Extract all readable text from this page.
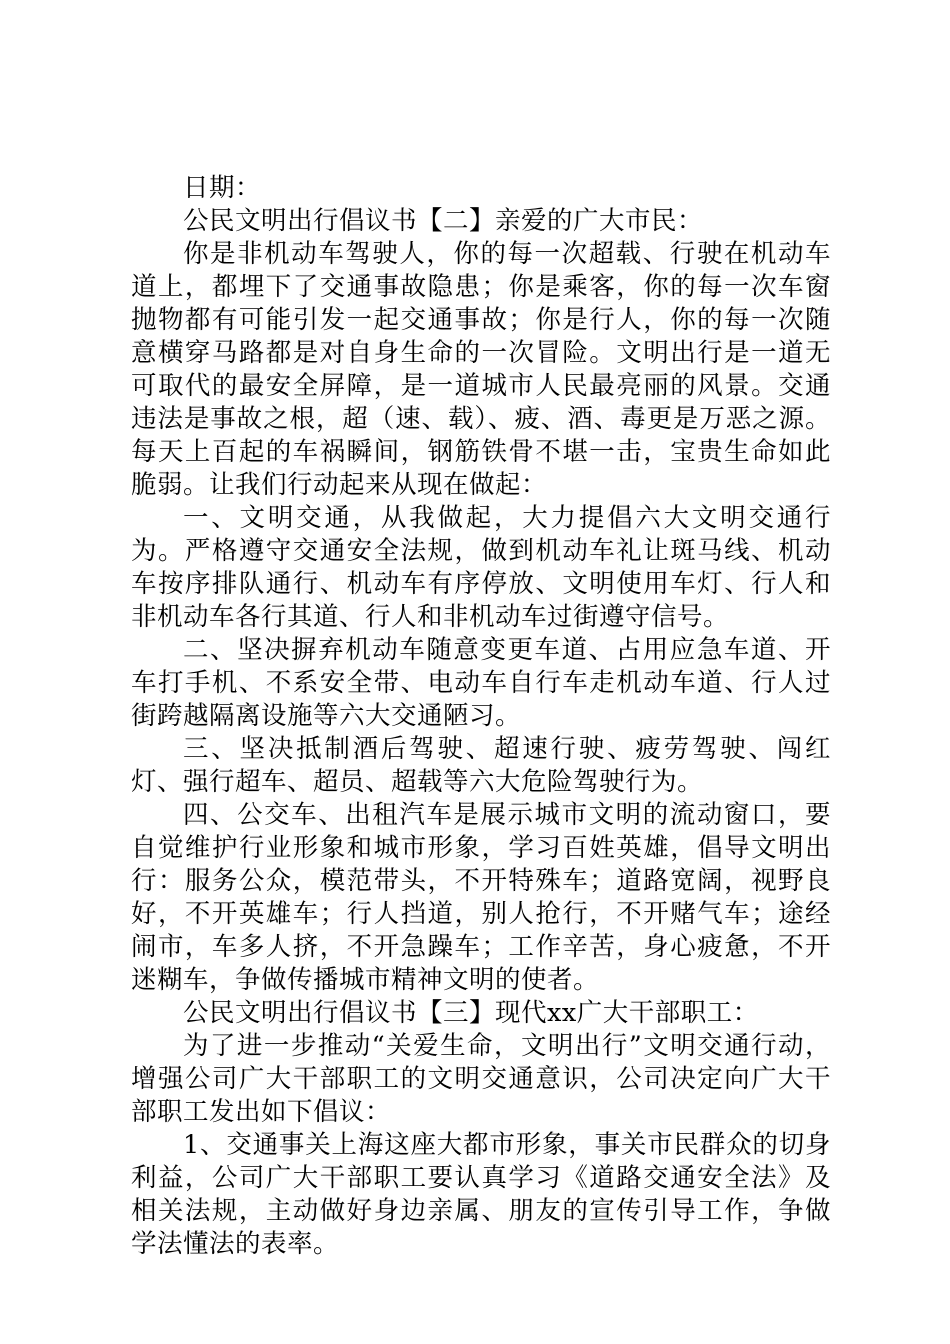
日期：

公民文明出行倡议书【二】亲爱的广大市民：

你是非机动车驾驶人，你的每一次超载、行驶在机动车道上，都埋下了交通事故隐患；你是乘客，你的每一次车窗抛物都有可能引发一起交通事故；你是行人，你的每一次随意横穿马路都是对自身生命的一次冒险。文明出行是一道无可取代的最安全屏障，是一道城市人民最亮丽的风景。交通违法是事故之根，超（速、载）、疲、酒、毒更是万恶之源。每天上百起的车祸瞬间，钢筋铁骨不堪一击，宝贵生命如此脆弱。让我们行动起来从现在做起：

一、文明交通，从我做起，大力提倡六大文明交通行为。严格遵守交通安全法规，做到机动车礼让斑马线、机动车按序排队通行、机动车有序停放、文明使用车灯、行人和非机动车各行其道、行人和非机动车过街遵守信号。

二、坚决摒弃机动车随意变更车道、占用应急车道、开车打手机、不系安全带、电动车自行车走机动车道、行人过街跨越隔离设施等六大交通陋习。

三、坚决抵制酒后驾驶、超速行驶、疲劳驾驶、闯红灯、强行超车、超员、超载等六大危险驾驶行为。

四、公交车、出租汽车是展示城市文明的流动窗口，要自觉维护行业形象和城市形象，学习百姓英雄，倡导文明出行：服务公众，模范带头，不开特殊车；道路宽阔，视野良好，不开英雄车；行人挡道，别人抢行，不开赌气车；途经闹市，车多人挤，不开急躁车；工作辛苦，身心疲惫，不开迷糊车，争做传播城市精神文明的使者。

公民文明出行倡议书【三】现代xx广大干部职工：

为了进一步推动“关爱生命，文明出行”文明交通行动，增强公司广大干部职工的文明交通意识，公司决定向广大干部职工发出如下倡议：

1、交通事关上海这座大都市形象，事关市民群众的切身利益，公司广大干部职工要认真学习《道路交通安全法》及相关法规，主动做好身边亲属、朋友的宣传引导工作，争做学法懂法的表率。
